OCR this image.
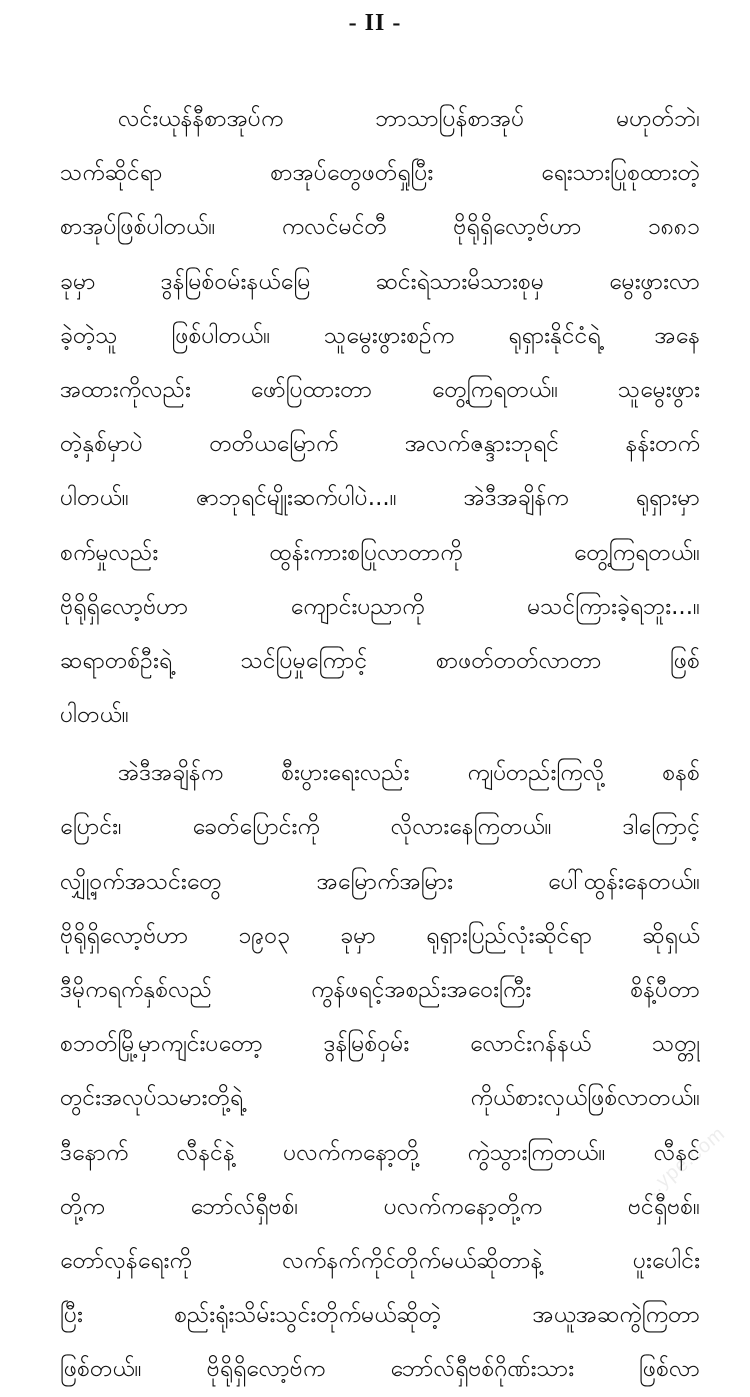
- II -
လင်းယုန်နီစာအုပ်က ဘာသာပြန်စာအုပ် မဟုတ်ဘဲ၊
သက်ဆိုင်ရာ စာအုပ်တွေဖတ်ရှုပြီး ရေးသားပြုစုထားတဲ့
စာအုပ်ဖြစ်ပါတယ်။ ကလင်မင်တီ ဗိုရိုရှိလော့ဗ်ဟာ ၁၈၈၁
ခုမှာ ဒွန်မြစ်ဝမ်းနယ်မြေ ဆင်းရဲသားမိသားစုမှ မွေးဖွားလာ
ခဲ့တဲ့သူ ဖြစ်ပါတယ်။ သူမွေးဖွားစဉ်က ရုရှားနိုင်ငံရဲ့ အနေ
အထားကိုလည်း ဖော်ပြထားတာ တွေ့ကြရတယ်။ သူမွေးဖွား
တဲ့နှစ်မှာပဲ တတိယမြောက် အလက်ဇန္ဒားဘုရင် နန်းတက်
ပါတယ်။ ဇာဘုရင်မျိုးဆက်ပါပဲ...။ အဲဒီအချိန်က ရုရှားမှာ
စက်မှုလည်း ထွန်းကားစပြုလာတာကို တွေ့ကြရတယ်။
ဗိုရိုရှိလော့ဗ်ဟာ ကျောင်းပညာကို မသင်ကြားခဲ့ရဘူး...။
ဆရာတစ်ဦးရဲ့ သင်ပြမှုကြောင့် စာဖတ်တတ်လာတာ ဖြစ်
ပါတယ်။
အဲဒီအချိန်က စီးပွားရေးလည်း ကျပ်တည်းကြလို့ စနစ်
ပြောင်း၊ ခေတ်ပြောင်းကို လိုလားနေကြတယ်။ ဒါကြောင့်
လျှို့ဝှက်အသင်းတွေ အမြောက်အမြား ပေါ်ထွန်းနေတယ်။
ဗိုရိုရှိလော့ဗ်ဟာ ၁၉၀၃ ခုမှာ ရုရှားပြည်လုံးဆိုင်ရာ ဆိုရှယ်
ဒီမိုကရက်နှစ်လည် ကွန်ဖရင့်အစည်းအဝေးကြီး စိန့်ပီတာ
စဘတ်မြို့မှာကျင်းပတော့ ဒွန်မြစ်ဝှမ်း လောင်းဂန်နယ် သတ္တု
တွင်းအလုပ်သမားတို့ရဲ့ ကိုယ်စားလှယ်ဖြစ်လာတယ်။
ဒီနောက် လီနင်နဲ့ ပလက်ကနော့တို့ ကွဲသွားကြတယ်။ လီနင်
တို့က ဘော်လ်ရှီဗစ်၊ ပလက်ကနော့တို့က ဗင်ရှီဗစ်။
တော်လှန်ရေးကို လက်နက်ကိုင်တိုက်မယ်ဆိုတာနဲ့ ပူးပေါင်း
ပြီး စည်းရုံးသိမ်းသွင်းတိုက်မယ်ဆိုတဲ့ အယူအဆကွဲကြတာ
ဖြစ်တယ်။ ဗိုရိုရှိလော့ဗ်က ဘော်လ်ရှီဗစ်ဂိုဏ်းသား ဖြစ်လာ
...ype.com
